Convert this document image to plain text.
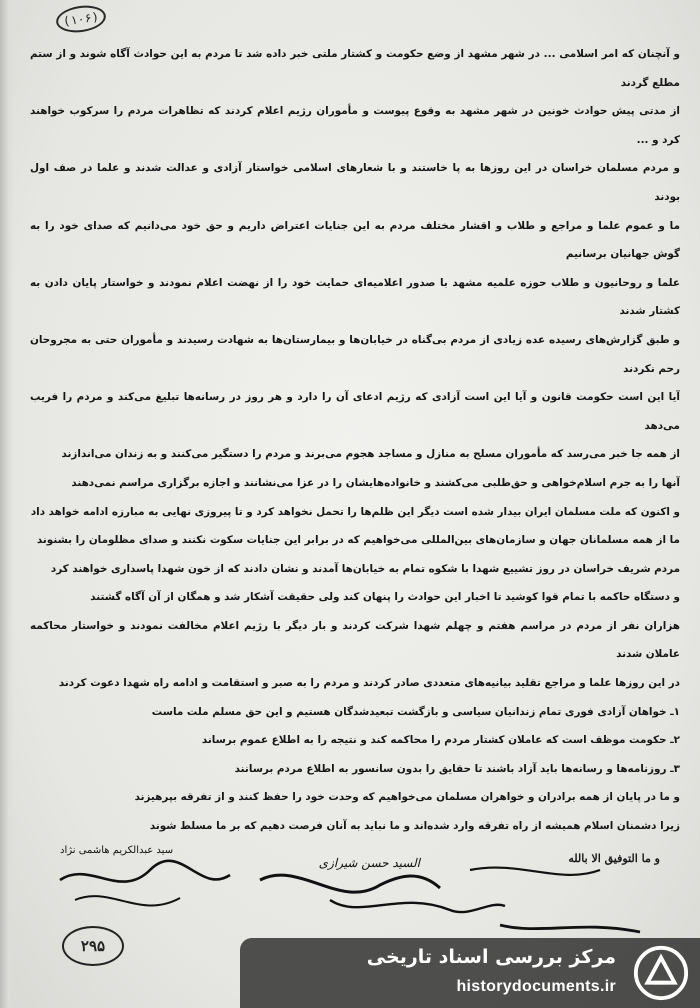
(۱۰۶)

و آنچنان که امر اسلامی ... در شهر مشهد از وضع حکومت و کشتار ملتی خبر داده شد تا مردم به این حوادث آگاه شوند و از ستم مطلع گردند

از مدتی پیش حوادث خونین در شهر مشهد به وقوع پیوست و مأموران رژیم اعلام کردند که تظاهرات مردم را سرکوب خواهند کرد و ...

و مردم مسلمان خراسان در این روزها به پا خاستند و با شعارهای اسلامی خواستار آزادی و عدالت شدند و علما در صف اول بودند

ما و عموم علما و مراجع و طلاب و اقشار مختلف مردم به این جنایات اعتراض داریم و حق خود می‌دانیم که صدای خود را به گوش جهانیان برسانیم

علما و روحانیون و طلاب حوزه علمیه مشهد با صدور اعلامیه‌ای حمایت خود را از نهضت اعلام نمودند و خواستار پایان دادن به کشتار شدند

و طبق گزارش‌های رسیده عده زیادی از مردم بی‌گناه در خیابان‌ها و بیمارستان‌ها به شهادت رسیدند و مأموران حتی به مجروحان رحم نکردند

آیا این است حکومت قانون و آیا این است آزادی که رژیم ادعای آن را دارد و هر روز در رسانه‌ها تبلیغ می‌کند و مردم را فریب می‌دهد

از همه جا خبر می‌رسد که مأموران مسلح به منازل و مساجد هجوم می‌برند و مردم را دستگیر می‌کنند و به زندان می‌اندازند

آنها را به جرم اسلام‌خواهی و حق‌طلبی می‌کشند و خانواده‌هایشان را در عزا می‌نشانند و اجازه برگزاری مراسم نمی‌دهند

و اکنون که ملت مسلمان ایران بیدار شده است دیگر این ظلم‌ها را تحمل نخواهد کرد و تا پیروزی نهایی به مبارزه ادامه خواهد داد

ما از همه مسلمانان جهان و سازمان‌های بین‌المللی می‌خواهیم که در برابر این جنایات سکوت نکنند و صدای مظلومان را بشنوند

مردم شریف خراسان در روز تشییع شهدا با شکوه تمام به خیابان‌ها آمدند و نشان دادند که از خون شهدا پاسداری خواهند کرد

و دستگاه حاکمه با تمام قوا کوشید تا اخبار این حوادث را پنهان کند ولی حقیقت آشکار شد و همگان از آن آگاه گشتند

هزاران نفر از مردم در مراسم هفتم و چهلم شهدا شرکت کردند و بار دیگر با رژیم اعلام مخالفت نمودند و خواستار محاکمه عاملان شدند

در این روزها علما و مراجع تقلید بیانیه‌های متعددی صادر کردند و مردم را به صبر و استقامت و ادامه راه شهدا دعوت کردند

۱ـ خواهان آزادی فوری تمام زندانیان سیاسی و بازگشت تبعیدشدگان هستیم و این حق مسلم ملت ماست

۲ـ حکومت موظف است که عاملان کشتار مردم را محاکمه کند و نتیجه را به اطلاع عموم برساند

۳ـ روزنامه‌ها و رسانه‌ها باید آزاد باشند تا حقایق را بدون سانسور به اطلاع مردم برسانند

و ما در پایان از همه برادران و خواهران مسلمان می‌خواهیم که وحدت خود را حفظ کنند و از تفرقه بپرهیزند

زیرا دشمنان اسلام همیشه از راه تفرقه وارد شده‌اند و ما نباید به آنان فرصت دهیم که بر ما مسلط شوند

و ما التوفیق الا بالله
السید حسن شیرازی
سید عبدالکریم هاشمی نژاد
۲۹۵	مرکز بررسی اسناد تاریخی
historydocuments.ir
